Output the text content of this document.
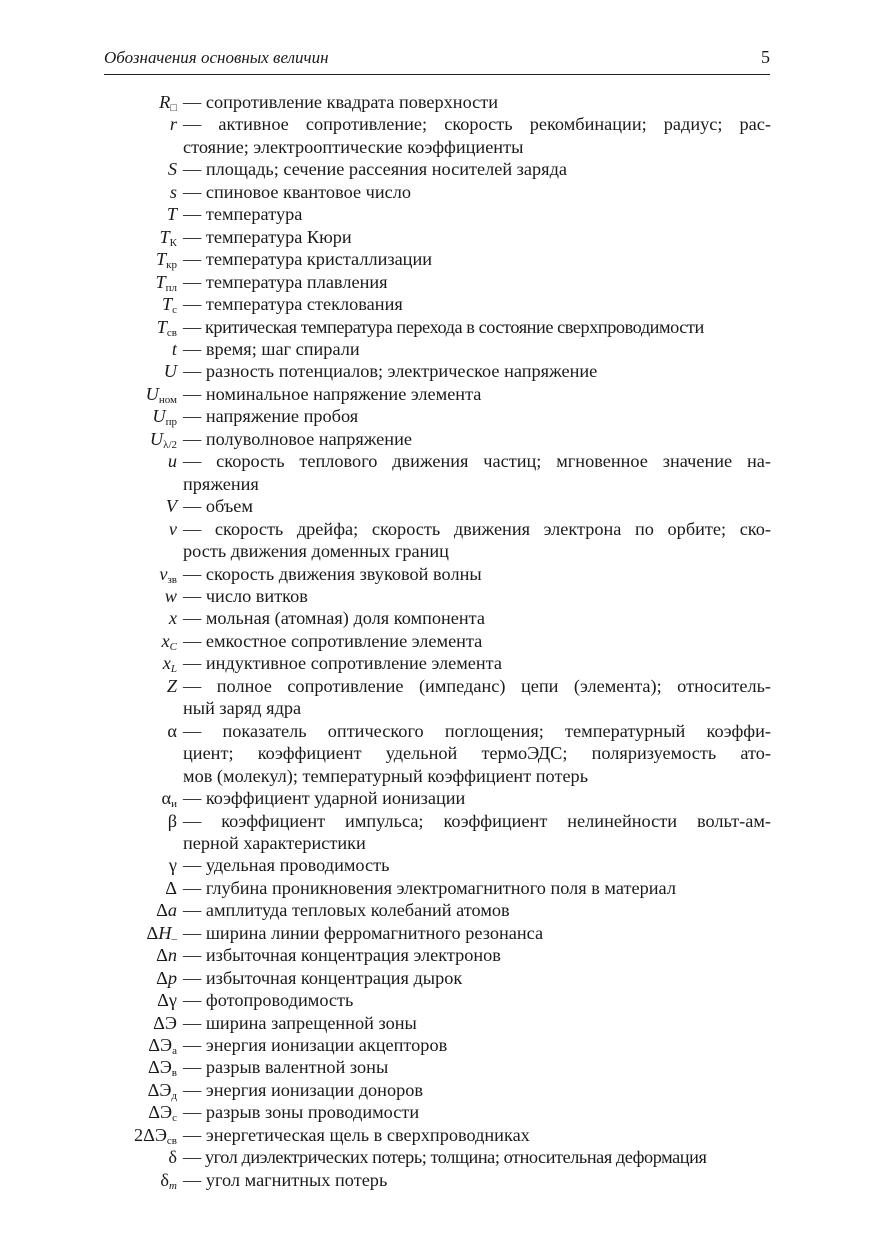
Обозначения основных величин	5
$R_□$ — сопротивление квадрата поверхности
r — активное сопротивление; скорость рекомбинации; радиус; рас-
стояние; электрооптические коэффициенты
S — площадь; сечение рассеяния носителей заряда
s — спиновое квантовое число
T — температура
$T_К$ — температура Кюри
$T_{кр}$ — температура кристаллизации
$T_{пл}$ — температура плавления
$T_с$ — температура стеклования
$T_{св}$ — критическая температура перехода в состояние сверхпроводимости
t — время; шаг спирали
U — разность потенциалов; электрическое напряжение
$U_{ном}$ — номинальное напряжение элемента
$U_{пр}$ — напряжение пробоя
$U_{\lambda/2}$ — полуволновое напряжение
u — скорость теплового движения частиц; мгновенное значение на-
пряжения
V — объем
v — скорость дрейфа; скорость движения электрона по орбите; ско-
рость движения доменных границ
$v_{зв}$ — скорость движения звуковой волны
w — число витков
x — мольная (атомная) доля компонента
$x_C$ — емкостное сопротивление элемента
$x_L$ — индуктивное сопротивление элемента
Z — полное сопротивление (импеданс) цепи (элемента); относитель-
ный заряд ядра
α — показатель оптического поглощения; температурный коэффи-
циент; коэффициент удельной термоЭДС; поляризуемость ато-
мов (молекул); температурный коэффициент потерь
$\alpha_и$ — коэффициент ударной ионизации
β — коэффициент импульса; коэффициент нелинейности вольт-ам-
перной характеристики
γ — удельная проводимость
Δ — глубина проникновения электромагнитного поля в материал
Δa — амплитуда тепловых колебаний атомов
$\Delta H_-$ — ширина линии ферромагнитного резонанса
Δn — избыточная концентрация электронов
Δp — избыточная концентрация дырок
Δγ — фотопроводимость
ΔЭ — ширина запрещенной зоны
$\Delta Э_а$ — энергия ионизации акцепторов
$\Delta Э_в$ — разрыв валентной зоны
$\Delta Э_д$ — энергия ионизации доноров
$\Delta Э_с$ — разрыв зоны проводимости
$2\Delta Э_{св}$ — энергетическая щель в сверхпроводниках
δ — угол диэлектрических потерь; толщина; относительная деформация
$\delta_m$ — угол магнитных потерь
